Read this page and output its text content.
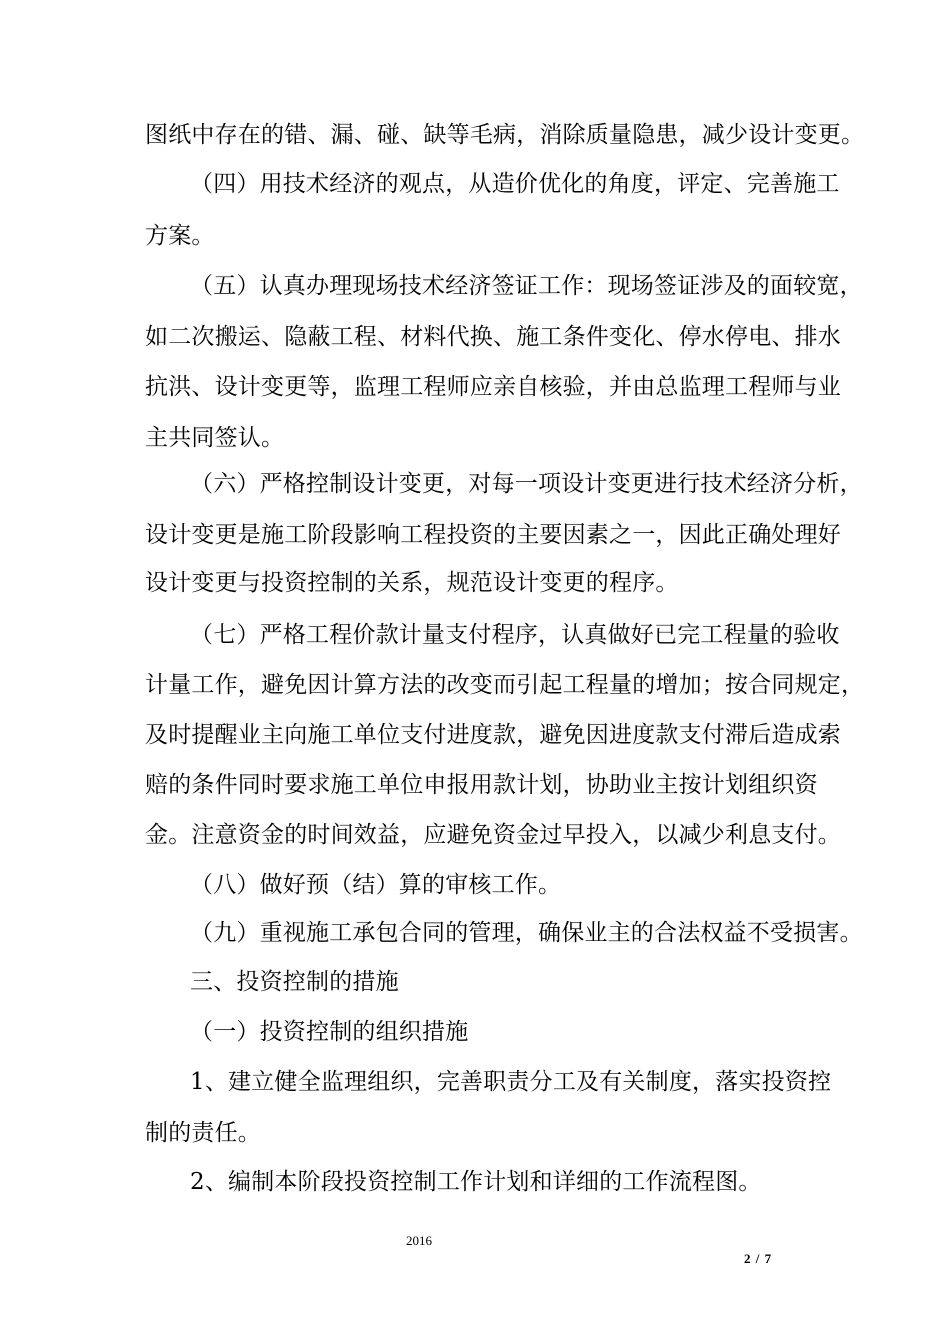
图纸中存在的错、漏、碰、缺等毛病，消除质量隐患，减少设计变更。
（四）用技术经济的观点，从造价优化的角度，评定、完善施工
方案。
（五）认真办理现场技术经济签证工作：现场签证涉及的面较宽，
如二次搬运、隐蔽工程、材料代换、施工条件变化、停水停电、排水
抗洪、设计变更等，监理工程师应亲自核验，并由总监理工程师与业
主共同签认。
（六）严格控制设计变更，对每一项设计变更进行技术经济分析，
设计变更是施工阶段影响工程投资的主要因素之一，因此正确处理好
设计变更与投资控制的关系，规范设计变更的程序。
（七）严格工程价款计量支付程序，认真做好已完工程量的验收
计量工作，避免因计算方法的改变而引起工程量的增加；按合同规定，
及时提醒业主向施工单位支付进度款，避免因进度款支付滞后造成索
赔的条件同时要求施工单位申报用款计划，协助业主按计划组织资
金。注意资金的时间效益，应避免资金过早投入，以减少利息支付。
（八）做好预（结）算的审核工作。
（九）重视施工承包合同的管理，确保业主的合法权益不受损害。
三、投资控制的措施
（一）投资控制的组织措施
1、建立健全监理组织，完善职责分工及有关制度，落实投资控
制的责任。
2、编制本阶段投资控制工作计划和详细的工作流程图。
2016
2 / 7
